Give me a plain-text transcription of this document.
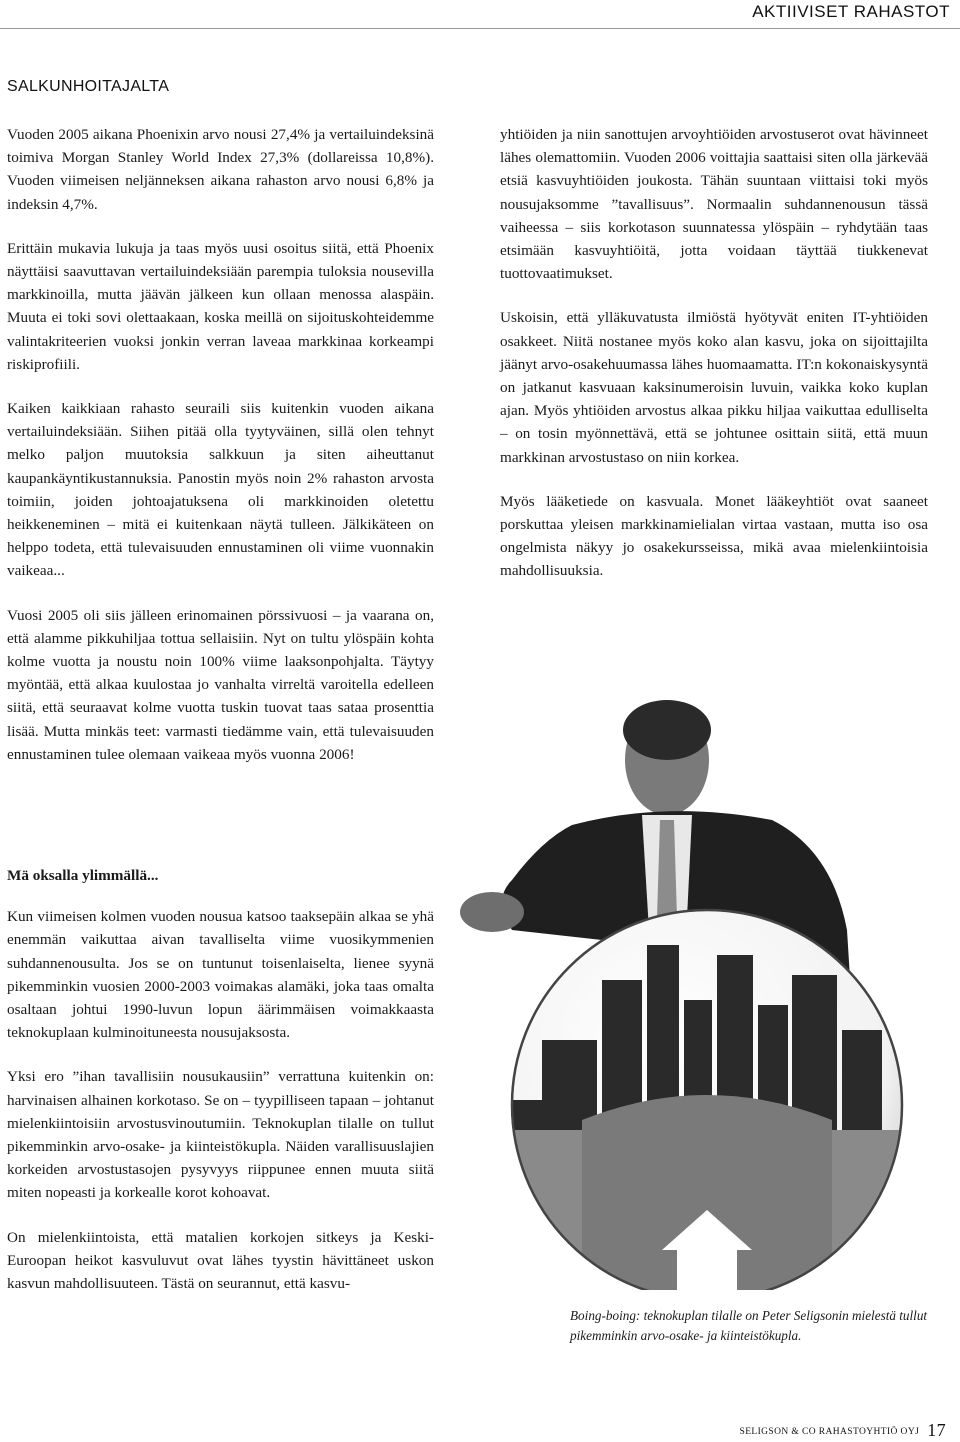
AKTIIVISET RAHASTOT
SALKUNHOITAJALTA

Vuoden 2005 aikana Phoenixin arvo nousi 27,4% ja vertailuindeksinä toimiva Morgan Stanley World Index 27,3% (dollareissa 10,8%). Vuoden viimeisen neljänneksen aikana rahaston arvo nousi 6,8% ja indeksin 4,7%.

Erittäin mukavia lukuja ja taas myös uusi osoitus siitä, että Phoenix näyttäisi saavuttavan vertailuindeksiään parempia tuloksia nousevilla markkinoilla, mutta jäävän jälkeen kun ollaan menossa alaspäin. Muuta ei toki sovi olettaakaan, koska meillä on sijoituskohteidemme valintakriteerien vuoksi jonkin verran laveaa markkinaa korkeampi riskiprofiili.

Kaiken kaikkiaan rahasto seuraili siis kuitenkin vuoden aikana vertailuindeksiään. Siihen pitää olla tyytyväinen, sillä olen tehnyt melko paljon muutoksia salkkuun ja siten aiheuttanut kaupankäyntikustannuksia. Panostin myös noin 2% rahaston arvosta toimiin, joiden johtoajatuksena oli markkinoiden oletettu heikkeneminen – mitä ei kuitenkaan näytä tulleen. Jälkikäteen on helppo todeta, että tulevaisuuden ennustaminen oli viime vuonnakin vaikeaa...

Vuosi 2005 oli siis jälleen erinomainen pörssivuosi – ja vaarana on, että alamme pikkuhiljaa tottua sellaisiin. Nyt on tultu ylöspäin kohta kolme vuotta ja noustu noin 100% viime laaksonpohjalta. Täytyy myöntää, että alkaa kuulostaa jo vanhalta virreltä varoitella edelleen siitä, että seuraavat kolme vuotta tuskin tuovat taas sataa prosenttia lisää. Mutta minkäs teet: varmasti tiedämme vain, että tulevaisuuden ennustaminen tulee olemaan vaikeaa myös vuonna 2006!

Mä oksalla ylimmällä...

Kun viimeisen kolmen vuoden nousua katsoo taaksepäin alkaa se yhä enemmän vaikuttaa aivan tavalliselta viime vuosikymmenien suhdannenousulta. Jos se on tuntunut toisenlaiselta, lienee syynä pikemminkin vuosien 2000-2003 voimakas alamäki, joka taas omalta osaltaan johtui 1990-luvun lopun äärimmäisen voimakkaasta teknokuplaan kulminoituneesta nousujaksosta.

Yksi ero ”ihan tavallisiin nousukausiin” verrattuna kuitenkin on: harvinaisen alhainen korkotaso. Se on – tyypilliseen tapaan – johtanut mielenkiintoisiin arvostusvinoutumiin. Teknokuplan tilalle on tullut pikemminkin arvo-osake- ja kiinteistökupla. Näiden varallisuuslajien korkeiden arvostustasojen pysyvyys riippunee ennen muuta siitä miten nopeasti ja korkealle korot kohoavat.

On mielenkiintoista, että matalien korkojen sitkeys ja Keski-Euroopan heikot kasvuluvut ovat lähes tyystin hävittäneet uskon kasvun mahdollisuuteen. Tästä on seurannut, että kasvu-

yhtiöiden ja niin sanottujen arvoyhtiöiden arvostuserot ovat hävinneet lähes olemattomiin. Vuoden 2006 voittajia saattaisi siten olla järkevää etsiä kasvuyhtiöiden joukosta. Tähän suuntaan viittaisi toki myös nousujaksomme ”tavallisuus”. Normaalin suhdannenousun tässä vaiheessa – siis korkotason suunnatessa ylöspäin – ryhdytään taas etsimään kasvuyhtiöitä, jotta voidaan täyttää tiukkenevat tuottovaatimukset.

Uskoisin, että ylläkuvatusta ilmiöstä hyötyvät eniten IT-yhtiöiden osakkeet. Niitä nostanee myös koko alan kasvu, joka on sijoittajilta jäänyt arvo-osakehuumassa lähes huomaamatta. IT:n kokonaiskysyntä on jatkanut kasvuaan kaksinumeroisin luvuin, vaikka koko kuplan ajan. Myös yhtiöiden arvostus alkaa pikku hiljaa vaikuttaa edulliselta – on tosin myönnettävä, että se johtunee osittain siitä, että muun markkinan arvostustaso on niin korkea.

Myös lääketiede on kasvuala. Monet lääkeyhtiöt ovat saaneet porskuttaa yleisen markkinamielialan virtaa vastaan, mutta iso osa ongelmista näkyy jo osakekursseissa, mikä avaa mielenkiintoisia mahdollisuuksia.

Boing-boing: teknokuplan tilalle on Peter Seligsonin mielestä tullut pikemminkin arvo-osake- ja kiinteistökupla.
SELIGSON & CO RAHASTOYHTIÖ OYJ 17
